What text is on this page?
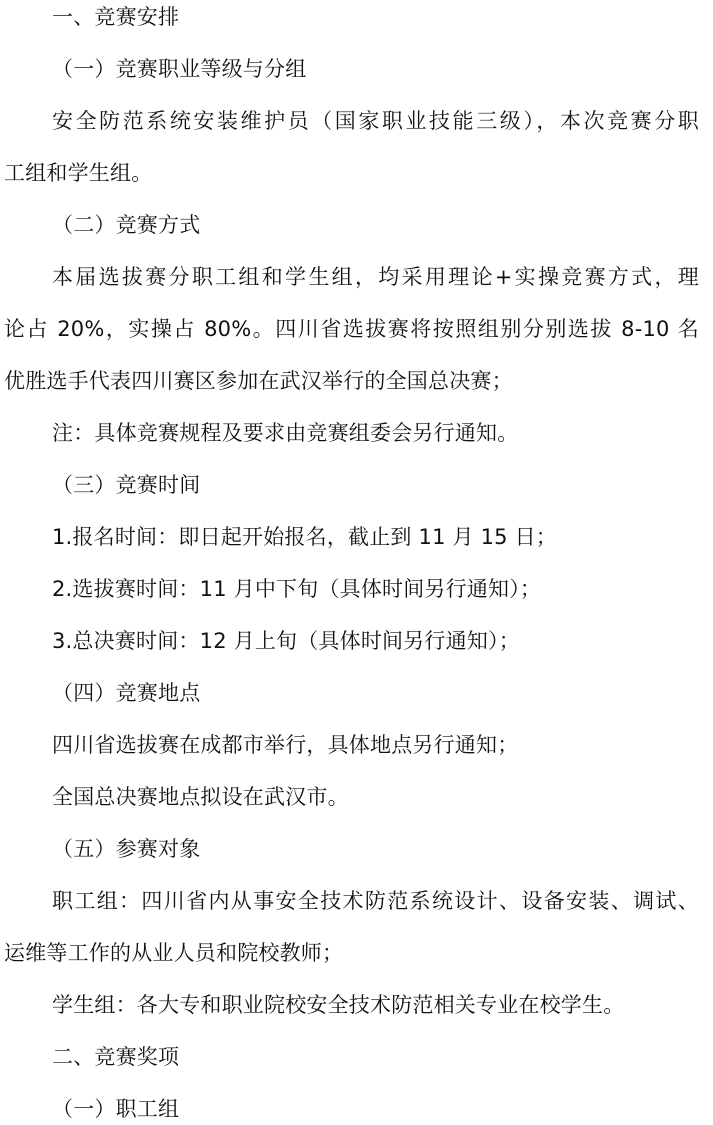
一、竞赛安排
（一）竞赛职业等级与分组
安全防范系统安装维护员（国家职业技能三级），本次竞赛分职
工组和学生组。
（二）竞赛方式
本届选拔赛分职工组和学生组，均采用理论+实操竞赛方式，理
论占 20%，实操占 80%。四川省选拔赛将按照组别分别选拔 8-10 名
优胜选手代表四川赛区参加在武汉举行的全国总决赛；
注：具体竞赛规程及要求由竞赛组委会另行通知。
（三）竞赛时间
1.报名时间：即日起开始报名，截止到 11 月 15 日；
2.选拔赛时间：11 月中下旬（具体时间另行通知）；
3.总决赛时间：12 月上旬（具体时间另行通知）；
（四）竞赛地点
四川省选拔赛在成都市举行，具体地点另行通知；
全国总决赛地点拟设在武汉市。
（五）参赛对象
职工组：四川省内从事安全技术防范系统设计、设备安装、调试、
运维等工作的从业人员和院校教师；
学生组：各大专和职业院校安全技术防范相关专业在校学生。
二、竞赛奖项
（一）职工组
